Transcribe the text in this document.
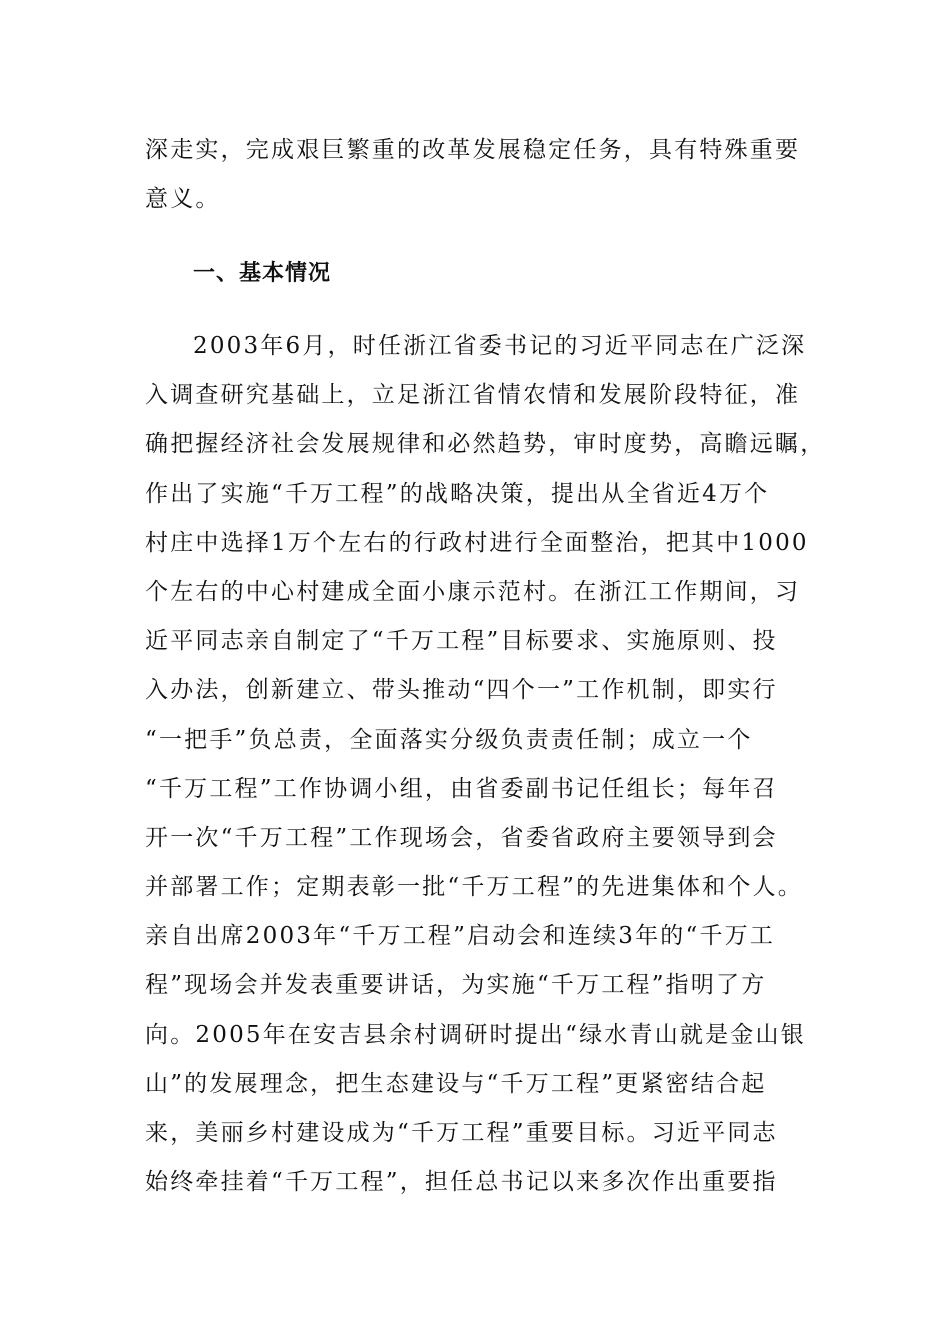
深走实，完成艰巨繁重的改革发展稳定任务，具有特殊重要
意义。
一、基本情况
2003年6月，时任浙江省委书记的习近平同志在广泛深
入调查研究基础上，立足浙江省情农情和发展阶段特征，准
确把握经济社会发展规律和必然趋势，审时度势，高瞻远瞩，
作出了实施“千万工程”的战略决策，提出从全省近4万个
村庄中选择1万个左右的行政村进行全面整治，把其中1000
个左右的中心村建成全面小康示范村。在浙江工作期间，习
近平同志亲自制定了“千万工程”目标要求、实施原则、投
入办法，创新建立、带头推动“四个一”工作机制，即实行
“一把手”负总责，全面落实分级负责责任制；成立一个
“千万工程”工作协调小组，由省委副书记任组长；每年召
开一次“千万工程”工作现场会，省委省政府主要领导到会
并部署工作；定期表彰一批“千万工程”的先进集体和个人。
亲自出席2003年“千万工程”启动会和连续3年的“千万工
程”现场会并发表重要讲话，为实施“千万工程”指明了方
向。2005年在安吉县余村调研时提出“绿水青山就是金山银
山”的发展理念，把生态建设与“千万工程”更紧密结合起
来，美丽乡村建设成为“千万工程”重要目标。习近平同志
始终牵挂着“千万工程”，担任总书记以来多次作出重要指
